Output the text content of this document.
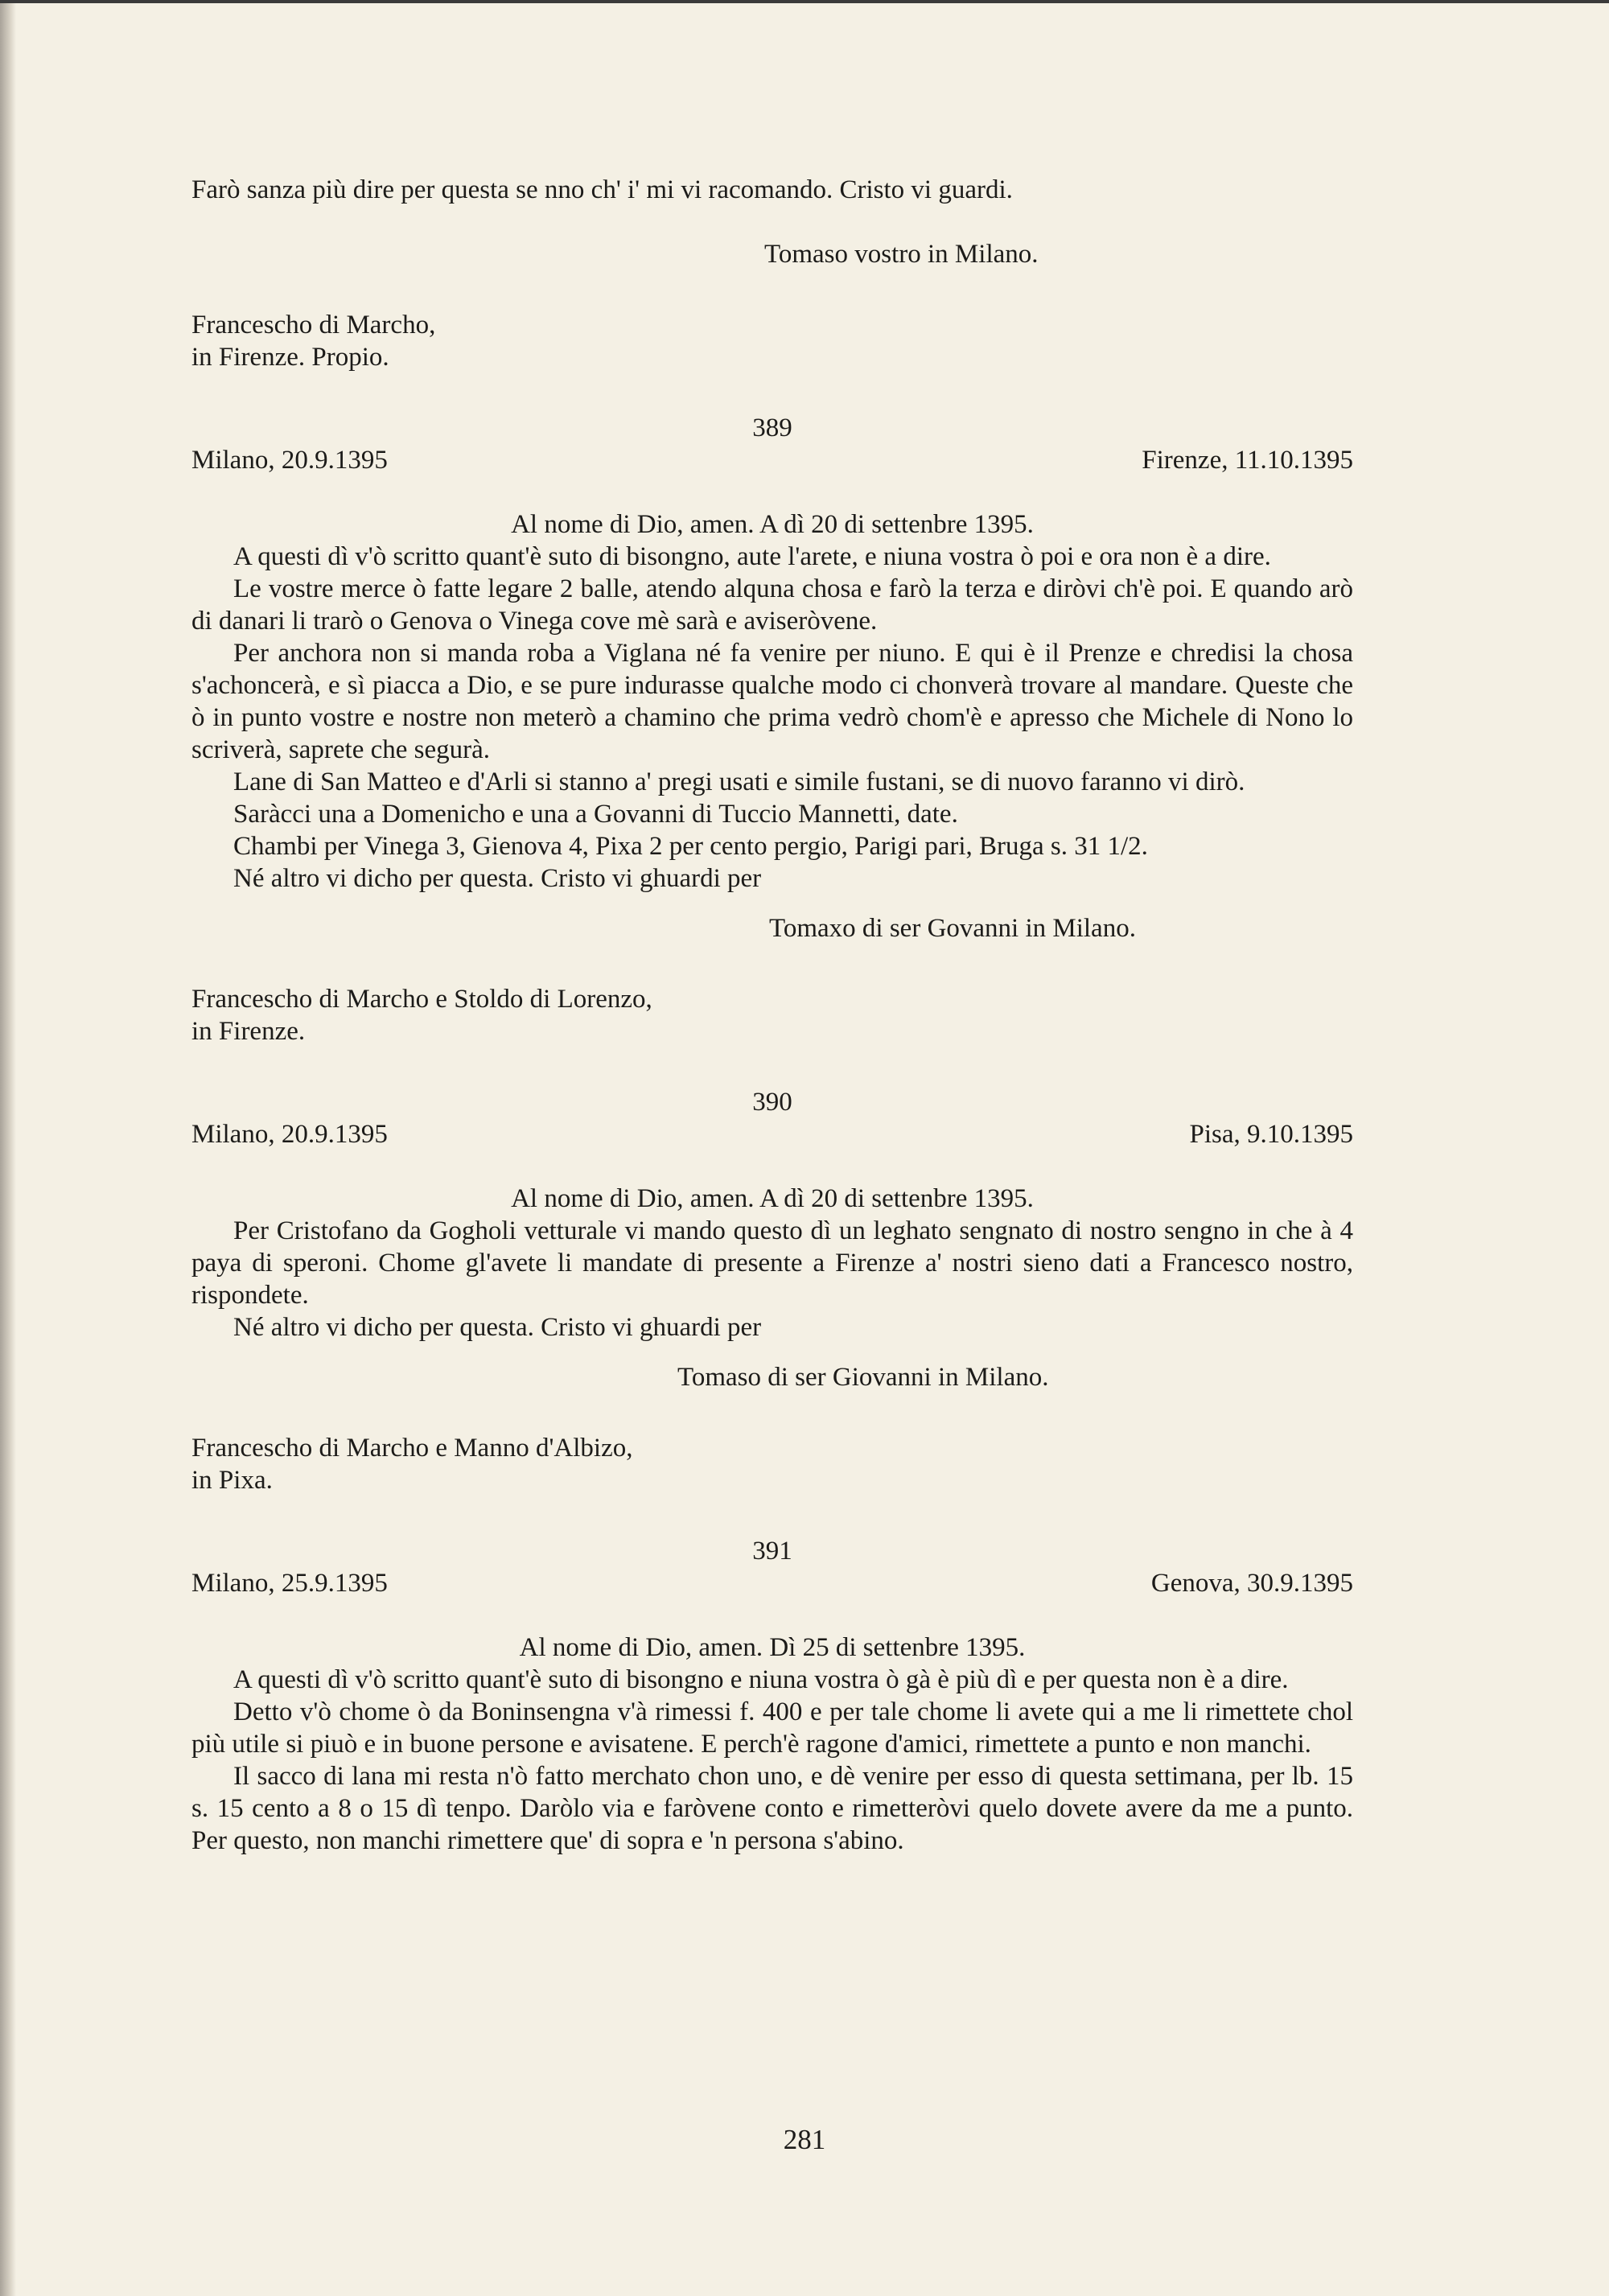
Farò sanza più dire per questa se nno ch' i' mi vi racomando. Cristo vi guardi.

Tomaso vostro in Milano.

Francescho di Marcho,

in Firenze. Propio.

389
Milano, 20.9.1395	Firenze, 11.10.1395

Al nome di Dio, amen. A dì 20 di settenbre 1395.

A questi dì v'ò scritto quant'è suto di bisongno, aute l'arete, e niuna vostra ò poi e ora non è a dire.

Le vostre merce ò fatte legare 2 balle, atendo alquna chosa e farò la terza e diròvi ch'è poi. E quando arò di danari li trarò o Genova o Vinega cove mè sarà e aviseròvene.

Per anchora non si manda roba a Viglana né fa venire per niuno. E qui è il Prenze e chredisi la chosa s'achoncerà, e sì piacca a Dio, e se pure indurasse qualche modo ci chonverà trovare al mandare. Queste che ò in punto vostre e nostre non meterò a chamino che prima vedrò chom'è e apresso che Michele di Nono lo scriverà, saprete che segurà.

Lane di San Matteo e d'Arli si stanno a' pregi usati e simile fustani, se di nuovo faranno vi dirò.

Saràcci una a Domenicho e una a Govanni di Tuccio Mannetti, date.

Chambi per Vinega 3, Gienova 4, Pixa 2 per cento pergio, Parigi pari, Bruga s. 31 1/2.

Né altro vi dicho per questa. Cristo vi ghuardi per

Tomaxo di ser Govanni in Milano.

Francescho di Marcho e Stoldo di Lorenzo,

in Firenze.

390
Milano, 20.9.1395	Pisa, 9.10.1395

Al nome di Dio, amen. A dì 20 di settenbre 1395.

Per Cristofano da Gogholi vetturale vi mando questo dì un leghato sengnato di nostro sengno in che à 4 paya di speroni. Chome gl'avete li mandate di presente a Firenze a' nostri sieno dati a Francesco nostro, rispondete.

Né altro vi dicho per questa. Cristo vi ghuardi per

Tomaso di ser Giovanni in Milano.

Francescho di Marcho e Manno d'Albizo,

in Pixa.

391
Milano, 25.9.1395	Genova, 30.9.1395

Al nome di Dio, amen. Dì 25 di settenbre 1395.

A questi dì v'ò scritto quant'è suto di bisongno e niuna vostra ò gà è più dì e per questa non è a dire.

Detto v'ò chome ò da Boninsengna v'à rimessi f. 400 e per tale chome li avete qui a me li rimettete chol più utile si piuò e in buone persone e avisatene. E perch'è ragone d'amici, rimettete a punto e non manchi.

Il sacco di lana mi resta n'ò fatto merchato chon uno, e dè venire per esso di questa settimana, per lb. 15 s. 15 cento a 8 o 15 dì tenpo. Daròlo via e faròvene conto e rimetteròvi quelo dovete avere da me a punto. Per questo, non manchi rimettere que' di sopra e 'n persona s'abino.

281
